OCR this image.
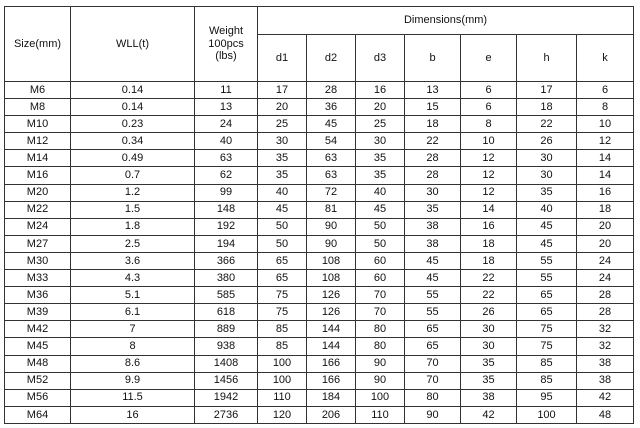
Size(mm)	WLL(t)	Weight
100pcs
(lbs)	Dimensions(mm)						
			d1	d2	d3	b	e	h	k
M6	0.14	11	17	28	16	13	6	17	6
M8	0.14	13	20	36	20	15	6	18	8
M10	0.23	24	25	45	25	18	8	22	10
M12	0.34	40	30	54	30	22	10	26	12
M14	0.49	63	35	63	35	28	12	30	14
M16	0.7	62	35	63	35	28	12	30	14
M20	1.2	99	40	72	40	30	12	35	16
M22	1.5	148	45	81	45	35	14	40	18
M24	1.8	192	50	90	50	38	16	45	20
M27	2.5	194	50	90	50	38	18	45	20
M30	3.6	366	65	108	60	45	18	55	24
M33	4.3	380	65	108	60	45	22	55	24
M36	5.1	585	75	126	70	55	22	65	28
M39	6.1	618	75	126	70	55	26	65	28
M42	7	889	85	144	80	65	30	75	32
M45	8	938	85	144	80	65	30	75	32
M48	8.6	1408	100	166	90	70	35	85	38
M52	9.9	1456	100	166	90	70	35	85	38
M56	11.5	1942	110	184	100	80	38	95	42
M64	16	2736	120	206	110	90	42	100	48
